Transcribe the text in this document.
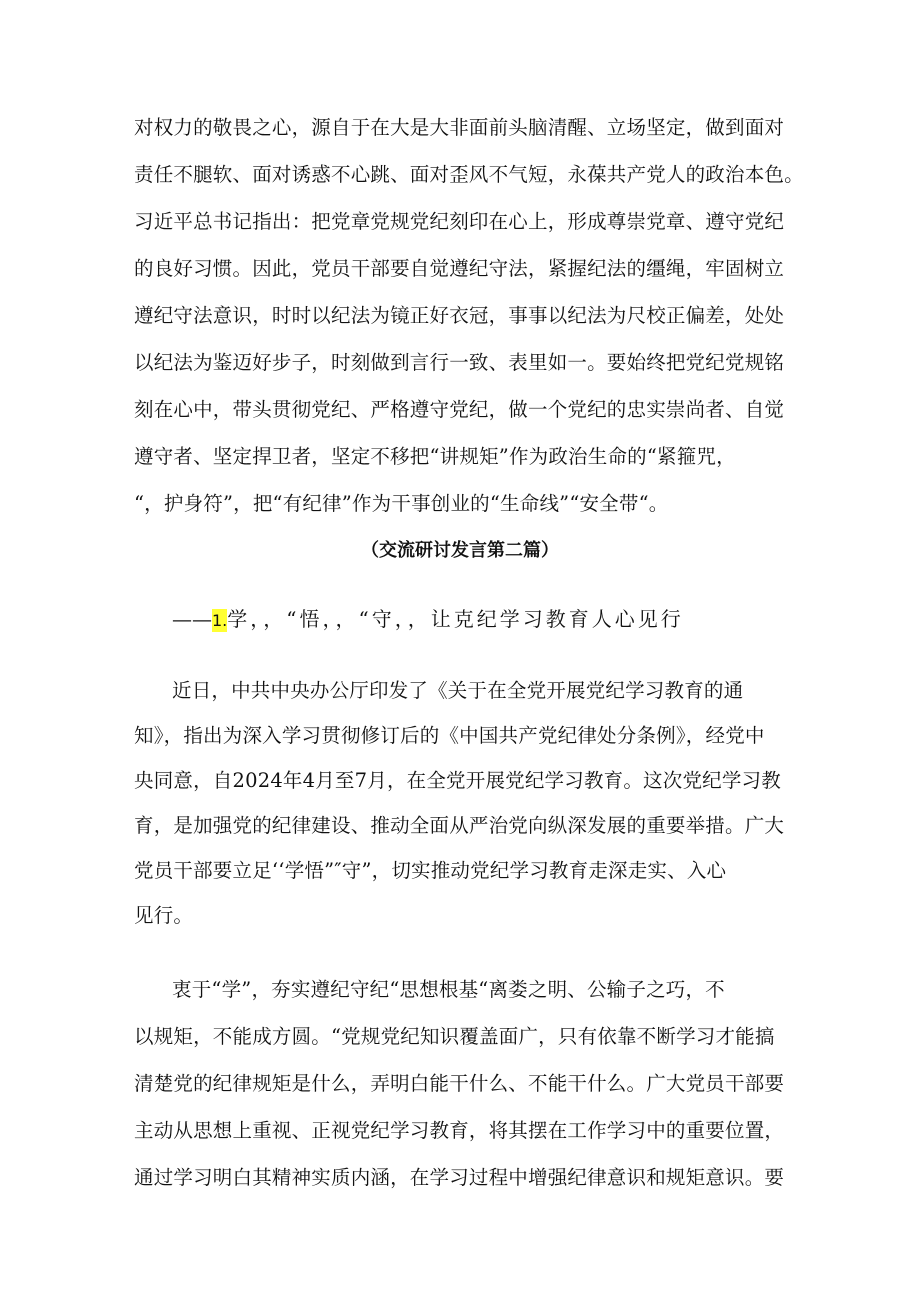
对权力的敬畏之心，源自于在大是大非面前头脑清醒、立场坚定，做到面对
责任不腿软、面对诱惑不心跳、面对歪风不气短，永葆共产党人的政治本色。
习近平总书记指出：把党章党规党纪刻印在心上，形成尊崇党章、遵守党纪
的良好习惯。因此，党员干部要自觉遵纪守法，紧握纪法的缰绳，牢固树立
遵纪守法意识，时时以纪法为镜正好衣冠，事事以纪法为尺校正偏差，处处
以纪法为鉴迈好步子，时刻做到言行一致、表里如一。要始终把党纪党规铭
刻在心中，带头贯彻党纪、严格遵守党纪，做一个党纪的忠实崇尚者、自觉
遵守者、坚定捍卫者，坚定不移把“讲规矩”作为政治生命的“紧箍咒，
“，护身符”，把“有纪律”作为干事创业的“生命线”“安全带“。
（交流研讨发言第二篇）
——1.学，，“悟，，“守，，让克纪学习教育人心见行
近日，中共中央办公厅印发了《关于在全党开展党纪学习教育的通
知》，指出为深入学习贯彻修订后的《中国共产党纪律处分条例》，经党中
央同意，自2024年4月至7月，在全党开展党纪学习教育。这次党纪学习教
育，是加强党的纪律建设、推动全面从严治党向纵深发展的重要举措。广大
党员干部要立足‘‘学悟”″守”，切实推动党纪学习教育走深走实、入心
见行。
衷于“学”，夯实遵纪守纪“思想根基“离娄之明、公输子之巧，不
以规矩，不能成方圆。“党规党纪知识覆盖面广，只有依靠不断学习才能搞
清楚党的纪律规矩是什么，弄明白能干什么、不能干什么。广大党员干部要
主动从思想上重视、正视党纪学习教育，将其摆在工作学习中的重要位置，
通过学习明白其精神实质内涵，在学习过程中增强纪律意识和规矩意识。要
